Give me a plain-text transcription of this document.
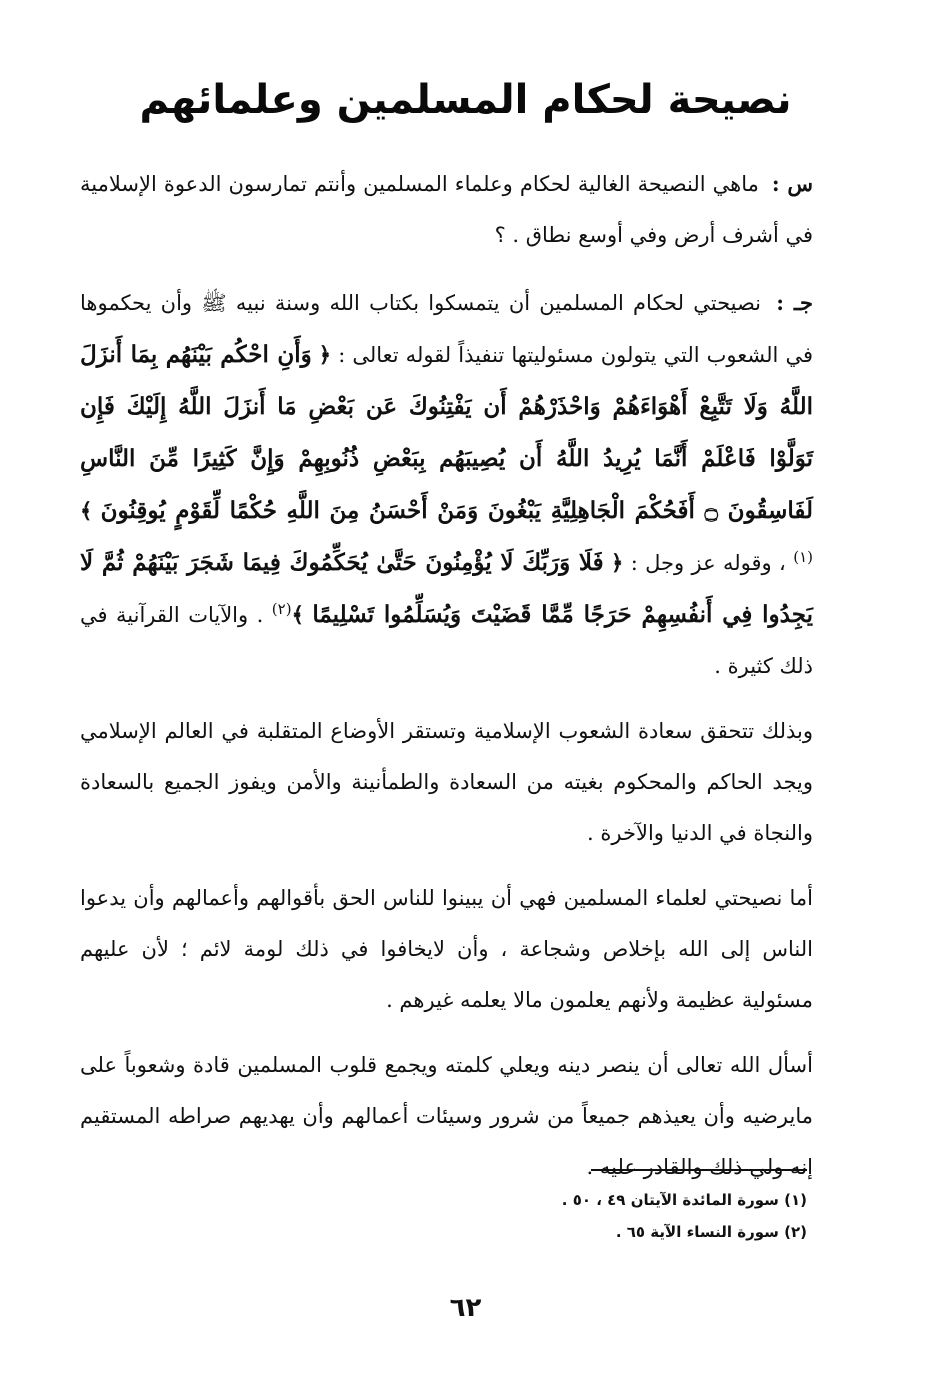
نصيحة لحكام المسلمين وعلمائهم

س : ماهي النصيحة الغالية لحكام وعلماء المسلمين وأنتم تمارسون الدعوة الإسلامية في أشرف أرض وفي أوسع نطاق . ؟

جـ : نصيحتي لحكام المسلمين أن يتمسكوا بكتاب الله وسنة نبيه ﷺ وأن يحكموها في الشعوب التي يتولون مسئوليتها تنفيذاً لقوله تعالى : ﴿ وَأَنِ احْكُم بَيْنَهُم بِمَا أَنزَلَ اللَّهُ وَلَا تَتَّبِعْ أَهْوَاءَهُمْ وَاحْذَرْهُمْ أَن يَفْتِنُوكَ عَن بَعْضِ مَا أَنزَلَ اللَّهُ إِلَيْكَ فَإِن تَوَلَّوْا فَاعْلَمْ أَنَّمَا يُرِيدُ اللَّهُ أَن يُصِيبَهُم بِبَعْضِ ذُنُوبِهِمْ وَإِنَّ كَثِيرًا مِّنَ النَّاسِ لَفَاسِقُونَ ۝ أَفَحُكْمَ الْجَاهِلِيَّةِ يَبْغُونَ وَمَنْ أَحْسَنُ مِنَ اللَّهِ حُكْمًا لِّقَوْمٍ يُوقِنُونَ ﴾$^{(١)}$ ، وقوله عز وجل : ﴿ فَلَا وَرَبِّكَ لَا يُؤْمِنُونَ حَتَّىٰ يُحَكِّمُوكَ فِيمَا شَجَرَ بَيْنَهُمْ ثُمَّ لَا يَجِدُوا فِي أَنفُسِهِمْ حَرَجًا مِّمَّا قَضَيْتَ وَيُسَلِّمُوا تَسْلِيمًا ﴾$^{(٢)}$ . والآيات القرآنية في ذلك كثيرة .

وبذلك تتحقق سعادة الشعوب الإسلامية وتستقر الأوضاع المتقلبة في العالم الإسلامي ويجد الحاكم والمحكوم بغيته من السعادة والطمأنينة والأمن ويفوز الجميع بالسعادة والنجاة في الدنيا والآخرة .

أما نصيحتي لعلماء المسلمين فهي أن يبينوا للناس الحق بأقوالهم وأعمالهم وأن يدعوا الناس إلى الله بإخلاص وشجاعة ، وأن لايخافوا في ذلك لومة لائم ؛ لأن عليهم مسئولية عظيمة ولأنهم يعلمون مالا يعلمه غيرهم .

أسأل الله تعالى أن ينصر دينه ويعلي كلمته ويجمع قلوب المسلمين قادة وشعوباً على مايرضيه وأن يعيذهم جميعاً من شرور وسيئات أعمالهم وأن يهديهم صراطه المستقيم إنه ولي ذلك والقادر عليه .

(١) سورة المائدة الآيتان ٤٩ ، ٥٠ .

(٢) سورة النساء الآية ٦٥ .

٦٢
